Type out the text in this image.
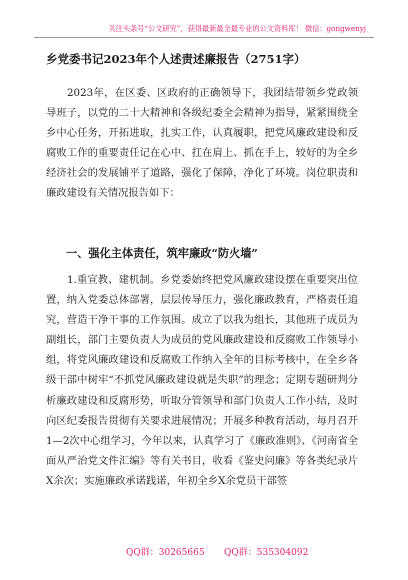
关注头条号“公文研究”，获得最新最全最专业的公文资料库！ 微信：gongwenyj
乡党委书记2023年个人述责述廉报告（2751字）
2023年，在区委、区政府的正确领导下，我团结带领乡党政领导班子，以党的二十大精神和各级纪委全会精神为指导，紧紧围绕全乡中心任务，开拓进取，扎实工作，认真履职，把党风廉政建设和反腐败工作的重要责任记在心中、扛在肩上、抓在手上，较好的为全乡经济社会的发展铺平了道路，强化了保障，净化了环境。岗位职责和廉政建设有关情况报告如下：
一、强化主体责任，筑牢廉政“防火墙”
1.重宣教、建机制。乡党委始终把党风廉政建设摆在重要突出位置，纳入党委总体部署，层层传导压力，强化廉政教育，严格责任追究，营造干净干事的工作氛围。成立了以我为组长，其他班子成员为副组长，部门主要负责人为成员的党风廉政建设和反腐败工作领导小组，将党风廉政建设和反腐败工作纳入全年的目标考核中，在全乡各级干部中树牢“不抓党风廉政建设就是失职”的理念；定期专题研判分析廉政建设和反腐形势，听取分管领导和部门负责人工作小结，及时向区纪委报告贯彻有关要求进展情况；开展多种教育活动，每月召开1—2次中心组学习，今年以来，认真学习了《廉政准则》、《河南省全面从严治党文件汇编》等有关书目，收看《鉴史问廉》等各类纪录片X余次；实施廉政承诺践诺，年初全乡X余党员干部签
QQ群：30265665 QQ群：535304092
